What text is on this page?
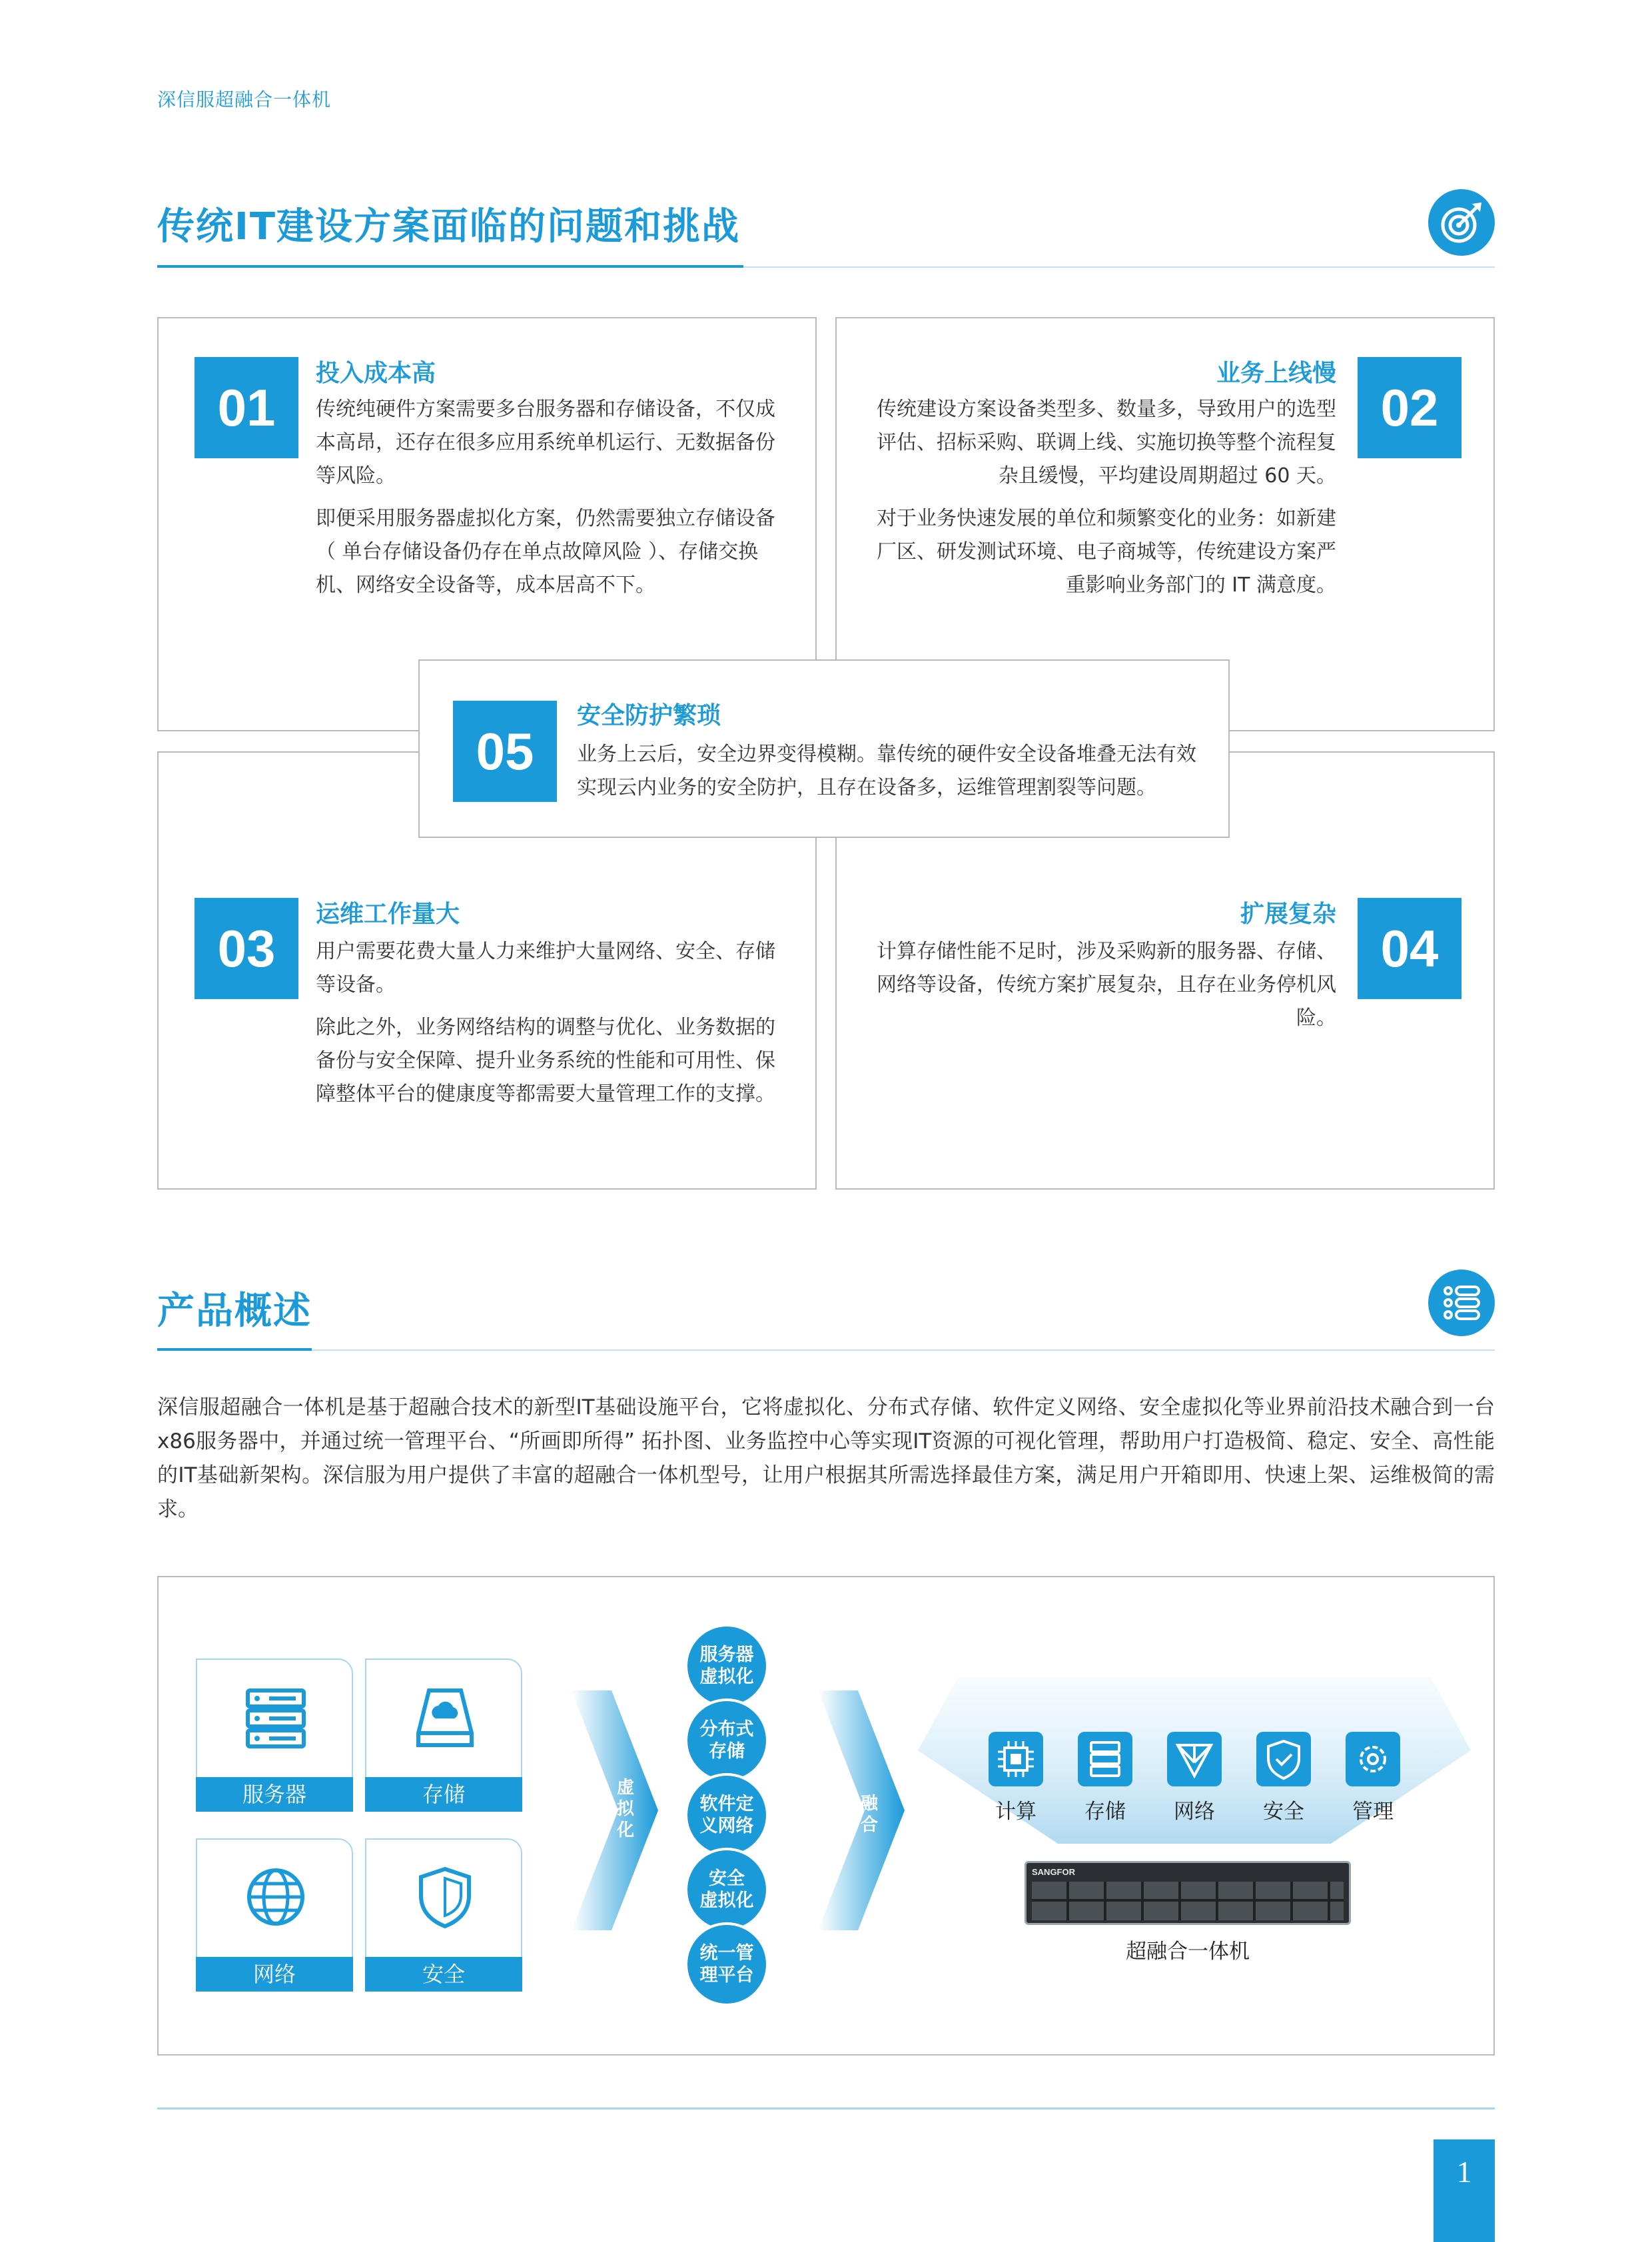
深信服超融合一体机
传统IT建设方案面临的问题和挑战
01
投入成本高

传统纯硬件方案需要多台服务器和存储设备，不仅成本高昂，还存在很多应用系统单机运行、无数据备份等风险。

即便采用服务器虚拟化方案，仍然需要独立存储设备（ 单台存储设备仍存在单点故障风险 ）、存储交换机、网络安全设备等，成本居高不下。

02
业务上线慢

传统建设方案设备类型多、数量多，导致用户的选型评估、招标采购、联调上线、实施切换等整个流程复杂且缓慢，平均建设周期超过 60 天。

对于业务快速发展的单位和频繁变化的业务：如新建厂区、研发测试环境、电子商城等，传统建设方案严重影响业务部门的 IT 满意度。

03
运维工作量大

用户需要花费大量人力来维护大量网络、安全、存储等设备。

除此之外，业务网络结构的调整与优化、业务数据的备份与安全保障、提升业务系统的性能和可用性、保障整体平台的健康度等都需要大量管理工作的支撑。

04
扩展复杂

计算存储性能不足时，涉及采购新的服务器、存储、网络等设备，传统方案扩展复杂，且存在业务停机风险。

05
安全防护繁琐

业务上云后，安全边界变得模糊。靠传统的硬件安全设备堆叠无法有效实现云内业务的安全防护，且存在设备多，运维管理割裂等问题。

产品概述
深信服超融合一体机是基于超融合技术的新型IT基础设施平台，它将虚拟化、分布式存储、软件定义网络、安全虚拟化等业界前沿技术融合到一台x86服务器中，并通过统一管理平台、“所画即所得” 拓扑图、业务监控中心等实现IT资源的可视化管理，帮助用户打造极简、稳定、安全、高性能的IT基础新架构。深信服为用户提供了丰富的超融合一体机型号，让用户根据其所需选择最佳方案，满足用户开箱即用、快速上架、运维极简的需求。
服务器	存储
网络	安全
虚拟化
服务器
虚拟化
分布式
存储
软件定
义网络
安全
虚拟化
统一管
理平台
融合
计算	存储	网络	安全	管理
SANGFOR
超融合一体机
1
